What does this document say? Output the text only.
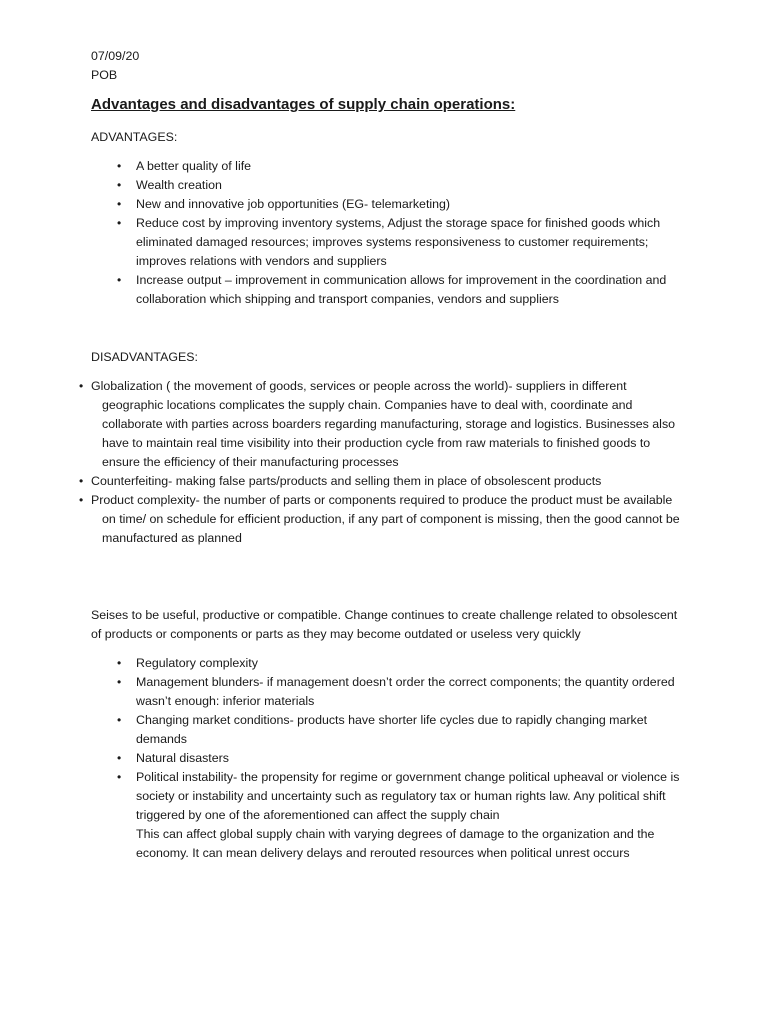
07/09/20
POB
Advantages and disadvantages of supply chain operations:
ADVANTAGES:
• A better quality of life
• Wealth creation
• New and innovative job opportunities (EG- telemarketing)
• Reduce cost by improving inventory systems, Adjust the storage space for finished goods which eliminated damaged resources; improves systems responsiveness to customer requirements; improves relations with vendors and suppliers
• Increase output – improvement in communication allows for improvement in the coordination and collaboration which shipping and transport companies, vendors and suppliers
DISADVANTAGES:
• Globalization ( the movement of goods, services or people across the world)- suppliers in different geographic locations complicates the supply chain. Companies have to deal with, coordinate and collaborate with parties across boarders regarding manufacturing, storage and logistics. Businesses also have to maintain real time visibility into their production cycle from raw materials to finished goods to ensure the efficiency of their manufacturing processes
• Counterfeiting- making false parts/products and selling them in place of obsolescent products
• Product complexity- the number of parts or components required to produce the product must be available on time/ on schedule for efficient production, if any part of component is missing, then the good cannot be manufactured as planned
Seises to be useful, productive or compatible. Change continues to create challenge related to obsolescent of products or components or parts as they may become outdated or useless very quickly
• Regulatory complexity
• Management blunders- if management doesn’t order the correct components; the quantity ordered wasn’t enough: inferior materials
• Changing market conditions- products have shorter life cycles due to rapidly changing market demands
• Natural disasters
• Political instability- the propensity for regime or government change political upheaval or violence is society or instability and uncertainty such as regulatory tax or human rights law. Any political shift triggered by one of the aforementioned can affect the supply chain
This can affect global supply chain with varying degrees of damage to the organization and the economy. It can mean delivery delays and rerouted resources when political unrest occurs
